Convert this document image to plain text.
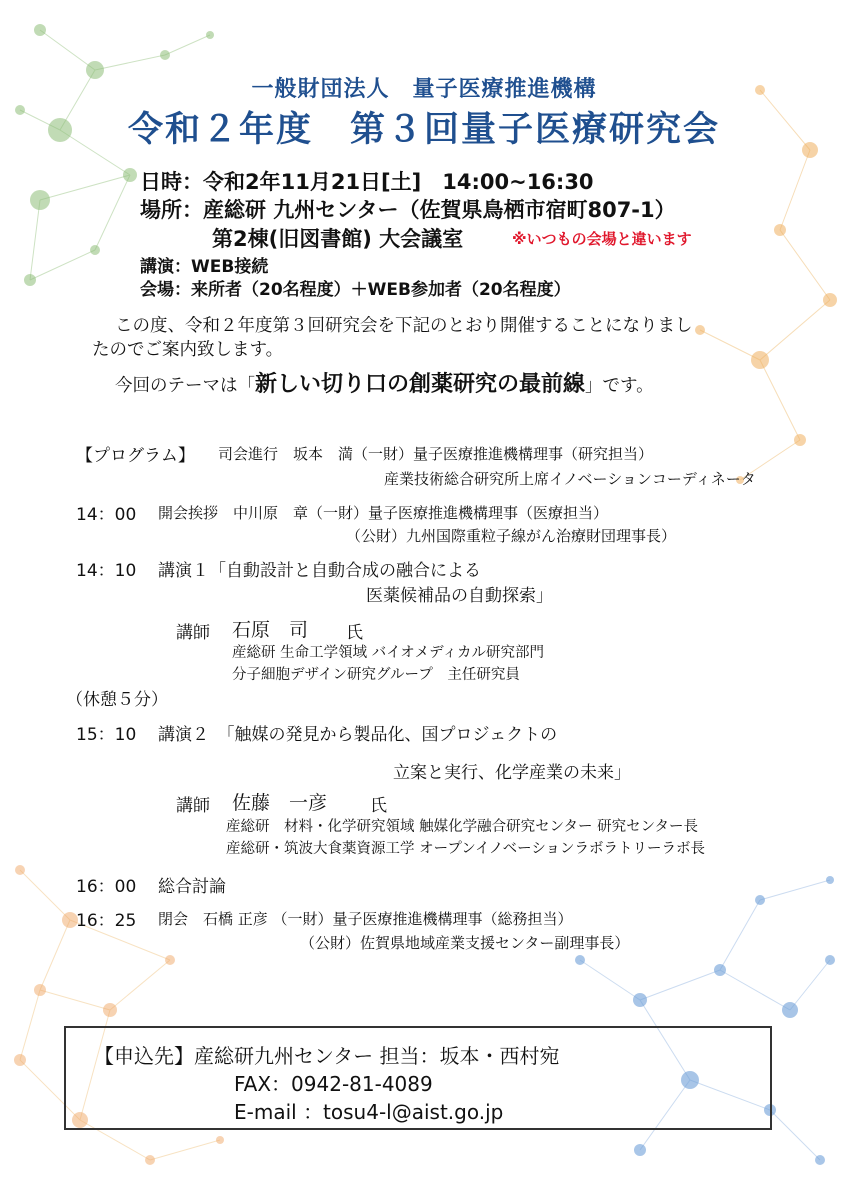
一般財団法人　量子医療推進機構
令和２年度　第３回量子医療研究会
日時：令和2年11月21日[土]　14:00~16:30
場所：産総研 九州センター（佐賀県鳥栖市宿町807-1）
第2棟(旧図書館) 大会議室	※いつもの会場と違います
講演：WEB接続
会場：来所者（20名程度）＋WEB参加者（20名程度）
この度、令和２年度第３回研究会を下記のとおり開催することになりまし
たのでご案内致します。
今回のテーマは「新しい切り口の創薬研究の最前線」です。
【プログラム】 司会進行　坂本　満（一財）量子医療推進機構理事（研究担当）
産業技術総合研究所上席イノベーションコーディネータ
14：00 開会挨拶　中川原　章（一財）量子医療推進機構理事（医療担当）
（公財）九州国際重粒子線がん治療財団理事長）
14：10 講演１「自動設計と自動合成の融合による
医薬候補品の自動探索」
講師 石原　司 氏
産総研 生命工学領域 バイオメディカル研究部門
分子細胞デザイン研究グループ　主任研究員
（休憩５分）
15：10 講演２　「触媒の発見から製品化、国プロジェクトの
立案と実行、化学産業の未来」
講師 佐藤　一彦	氏
産総研　材料・化学研究領域 触媒化学融合研究センター 研究センター長
産総研・筑波大食薬資源工学 オープンイノベーションラボラトリーラボ長
16：00 総合討論
16：25 閉会　石橋 正彦 （一財）量子医療推進機構理事（総務担当）
（公財）佐賀県地域産業支援センター副理事長）
【申込先】産総研九州センター 担当：坂本・西村宛
FAX：0942-81-4089
E-mail ：tosu4-l@aist.go.jp
